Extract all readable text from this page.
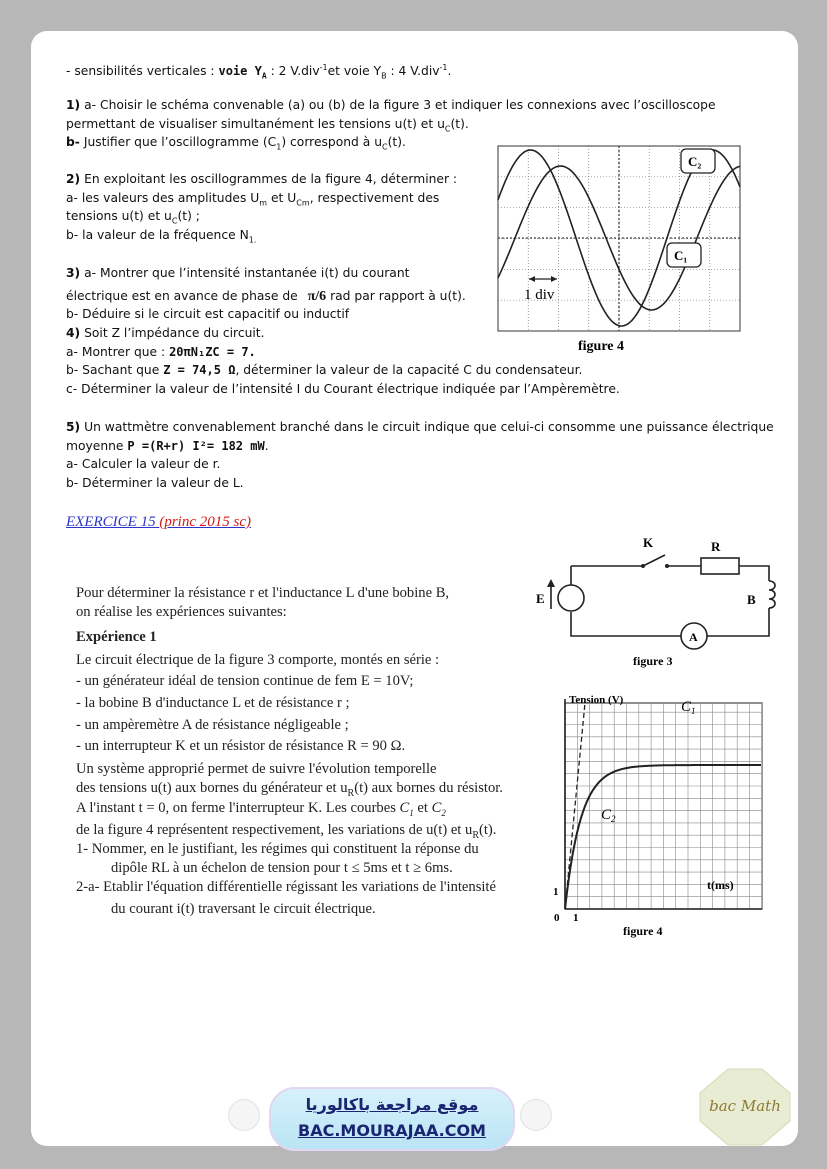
- sensibilités verticales : voie $Y_A$ : 2 V.div$^{-1}$et voie $Y_B$ : 4 V.div$^{-1}$.
1) a- Choisir le schéma convenable (a) ou (b) de la figure 3 et indiquer les connexions avec l’oscilloscope
permettant de visualiser simultanément les tensions u(t) et $u_C(t)$.
b- Justifier que l’oscillogramme $(C_1)$ correspond à $u_C(t)$.
2) En exploitant les oscillogrammes de la figure 4, déterminer :
a- les valeurs des amplitudes $U_m$ et $U_{Cm}$, respectivement des
tensions u(t) et $u_C(t)$ ;
b- la valeur de la fréquence $N_{1.}$
3) a- Montrer que l’intensité instantanée i(t) du courant
électrique est en avance de phase de π/6 rad par rapport à u(t).
b- Déduire si le circuit est capacitif ou inductif
4) Soit Z l’impédance du circuit.
a- Montrer que : 20πN₁ZC = 7.
b- Sachant que Z = 74,5 Ω, déterminer la valeur de la capacité C du condensateur.
c- Déterminer la valeur de l’intensité I du Courant électrique indiquée par l’Ampèremètre.
5) Un wattmètre convenablement branché dans le circuit indique que celui-ci consomme une puissance électrique
moyenne P =(R+r) I²= 182 mW.
a- Calculer la valeur de r.
b- Déterminer la valeur de L.
C₂
C₁
1 div
figure 4
EXERCICE 15 (princ 2015 sc)
Pour déterminer la résistance r et l'inductance L d'une bobine B,
on réalise les expériences suivantes:
Expérience 1
Le circuit électrique de la figure 3 comporte, montés en série :
- un générateur idéal de tension continue de fem E = 10V;
- la bobine B d'inductance L et de résistance r ;
- un ampèremètre A de résistance négligeable ;
- un interrupteur K et un résistor de résistance R = 90 Ω.
Un système approprié permet de suivre l'évolution temporelle
des tensions u(t) aux bornes du générateur et $u_R(t)$ aux bornes du résistor.
A l'instant t = 0, on ferme l'interrupteur K. Les courbes $C_1$ et $C_2$
de la figure 4 représentent respectivement, les variations de u(t) et $u_R(t)$.
1- Nommer, en le justifiant, les régimes qui constituent la réponse du
dipôle RL à un échelon de tension pour t ≤ 5ms et t ≥ 6ms.
2-a- Etablir l'équation différentielle régissant les variations de l'intensité
du courant i(t) traversant le circuit électrique.
K	R
E	B
A
figure 3
Tension (V)
t(ms)
$C_1$
$C_2$
1
0 1
figure 4
موقع مراجعة باكالوريا
BAC.MOURAJAA.COM
bac Math
